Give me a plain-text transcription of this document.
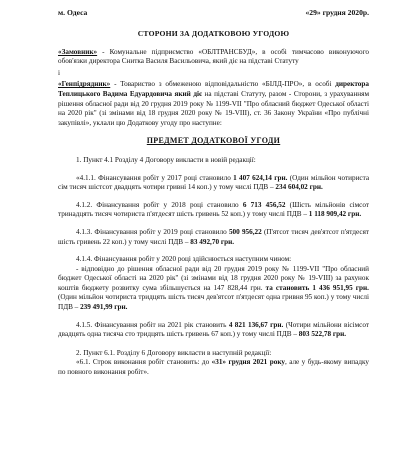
м. Одеса	«29» грудня 2020р.
СТОРОНИ ЗА ДОДАТКОВОЮ УГОДОЮ

«Замовник» - Комунальне підприємство «ОБЛТРАНСБУД», в особі тимчасово виконуючого обов'язки директора Снитка Василя Васильовича, який діє на підставі Статуту

і

«Генпідрядник» - Товариство з обмеженою відповідальністю «БІЛД-ПРО», в особі директора Теплицького Вадима Едуардовича який діє на підставі Статуту, разом - Сторони, з урахуванням рішення обласної ради від 20 грудня 2019 року № 1199-VII "Про обласний бюджет Одеської області на 2020 рік" (зі змінами від 18 грудня 2020 року № 19-VIII), ст. 36 Закону України «Про публічні закупівлі», уклали цю Додаткову угоду про наступне:

ПРЕДМЕТ ДОДАТКОВОЇ УГОДИ

1. Пункт 4.1 Розділу 4 Договору викласти в новій редакції:

«4.1.1. Фінансування робіт у 2017 році становило 1 407 624,14 грн. (Один мільйон чотириста сім тисяч шістсот двадцять чотири гривні 14 коп.) у тому числі ПДВ – 234 604,02 грн.

4.1.2. Фінансування робіт у 2018 році становило 6 713 456,52 (Шість мільйонів сімсот тринадцять тисяч чотириста п'ятдесят шість гривень 52 коп.) у тому числі ПДВ – 1 118 909,42 грн.

4.1.3. Фінансування робіт у 2019 році становило 500 956,22 (П'ятсот тисяч дев'ятсот п'ятдесят шість гривень 22 коп.) у тому числі ПДВ – 83 492,70 грн.

4.1.4. Фінансування робіт у 2020 році здійснюється наступним чином:

- відповідно до рішення обласної ради від 20 грудня 2019 року № 1199-VII "Про обласний бюджет Одеської області на 2020 рік" (зі змінами від 18 грудня 2020 року № 19-VIII) за рахунок коштів бюджету розвитку сума збільшується на 147 828,44 грн. та становить 1 436 951,95 грн. (Один мільйон чотириста тридцять шість тисяч дев'ятсот п'ятдесят одна гривня 95 коп.) у тому числі ПДВ – 239 491,99 грн.

4.1.5. Фінансування робіт на 2021 рік становить 4 821 136,67 грн. (Чотири мільйони вісімсот двадцять одна тисяча сто тридцять шість гривень 67 коп.) у тому числі ПДВ – 803 522,78 грн.

2. Пункт 6.1. Розділу 6 Договору викласти в наступній редакції:

«6.1. Строк виконання робіт становить: до «31» грудня 2021 року, але у будь-якому випадку по повного виконання робіт».
